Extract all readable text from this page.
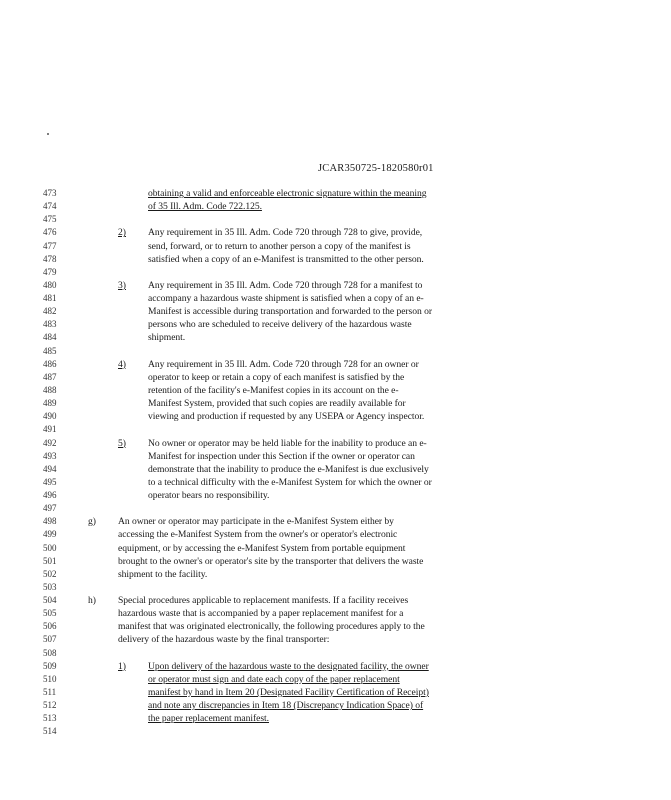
JCAR350725-1820580r01
473	obtaining a valid and enforceable electronic signature within the meaning
474	of 35 Ill. Adm. Code 722.125.
475
476	2) Any requirement in 35 Ill. Adm. Code 720 through 728 to give, provide,
477	send, forward, or to return to another person a copy of the manifest is
478	satisfied when a copy of an e-Manifest is transmitted to the other person.
479
480	3) Any requirement in 35 Ill. Adm. Code 720 through 728 for a manifest to
481	accompany a hazardous waste shipment is satisfied when a copy of an e-
482	Manifest is accessible during transportation and forwarded to the person or
483	persons who are scheduled to receive delivery of the hazardous waste
484	shipment.
485
486	4) Any requirement in 35 Ill. Adm. Code 720 through 728 for an owner or
487	operator to keep or retain a copy of each manifest is satisfied by the
488	retention of the facility's e-Manifest copies in its account on the e-
489	Manifest System, provided that such copies are readily available for
490	viewing and production if requested by any USEPA or Agency inspector.
491
492	5) No owner or operator may be held liable for the inability to produce an e-
493	Manifest for inspection under this Section if the owner or operator can
494	demonstrate that the inability to produce the e-Manifest is due exclusively
495	to a technical difficulty with the e-Manifest System for which the owner or
496	operator bears no responsibility.
497
498	g) An owner or operator may participate in the e-Manifest System either by
499	accessing the e-Manifest System from the owner's or operator's electronic
500	equipment, or by accessing the e-Manifest System from portable equipment
501	brought to the owner's or operator's site by the transporter that delivers the waste
502	shipment to the facility.
503
504	h) Special procedures applicable to replacement manifests. If a facility receives
505	hazardous waste that is accompanied by a paper replacement manifest for a
506	manifest that was originated electronically, the following procedures apply to the
507	delivery of the hazardous waste by the final transporter:
508
509	1) Upon delivery of the hazardous waste to the designated facility, the owner
510	or operator must sign and date each copy of the paper replacement
511	manifest by hand in Item 20 (Designated Facility Certification of Receipt)
512	and note any discrepancies in Item 18 (Discrepancy Indication Space) of
513	the paper replacement manifest.
514
